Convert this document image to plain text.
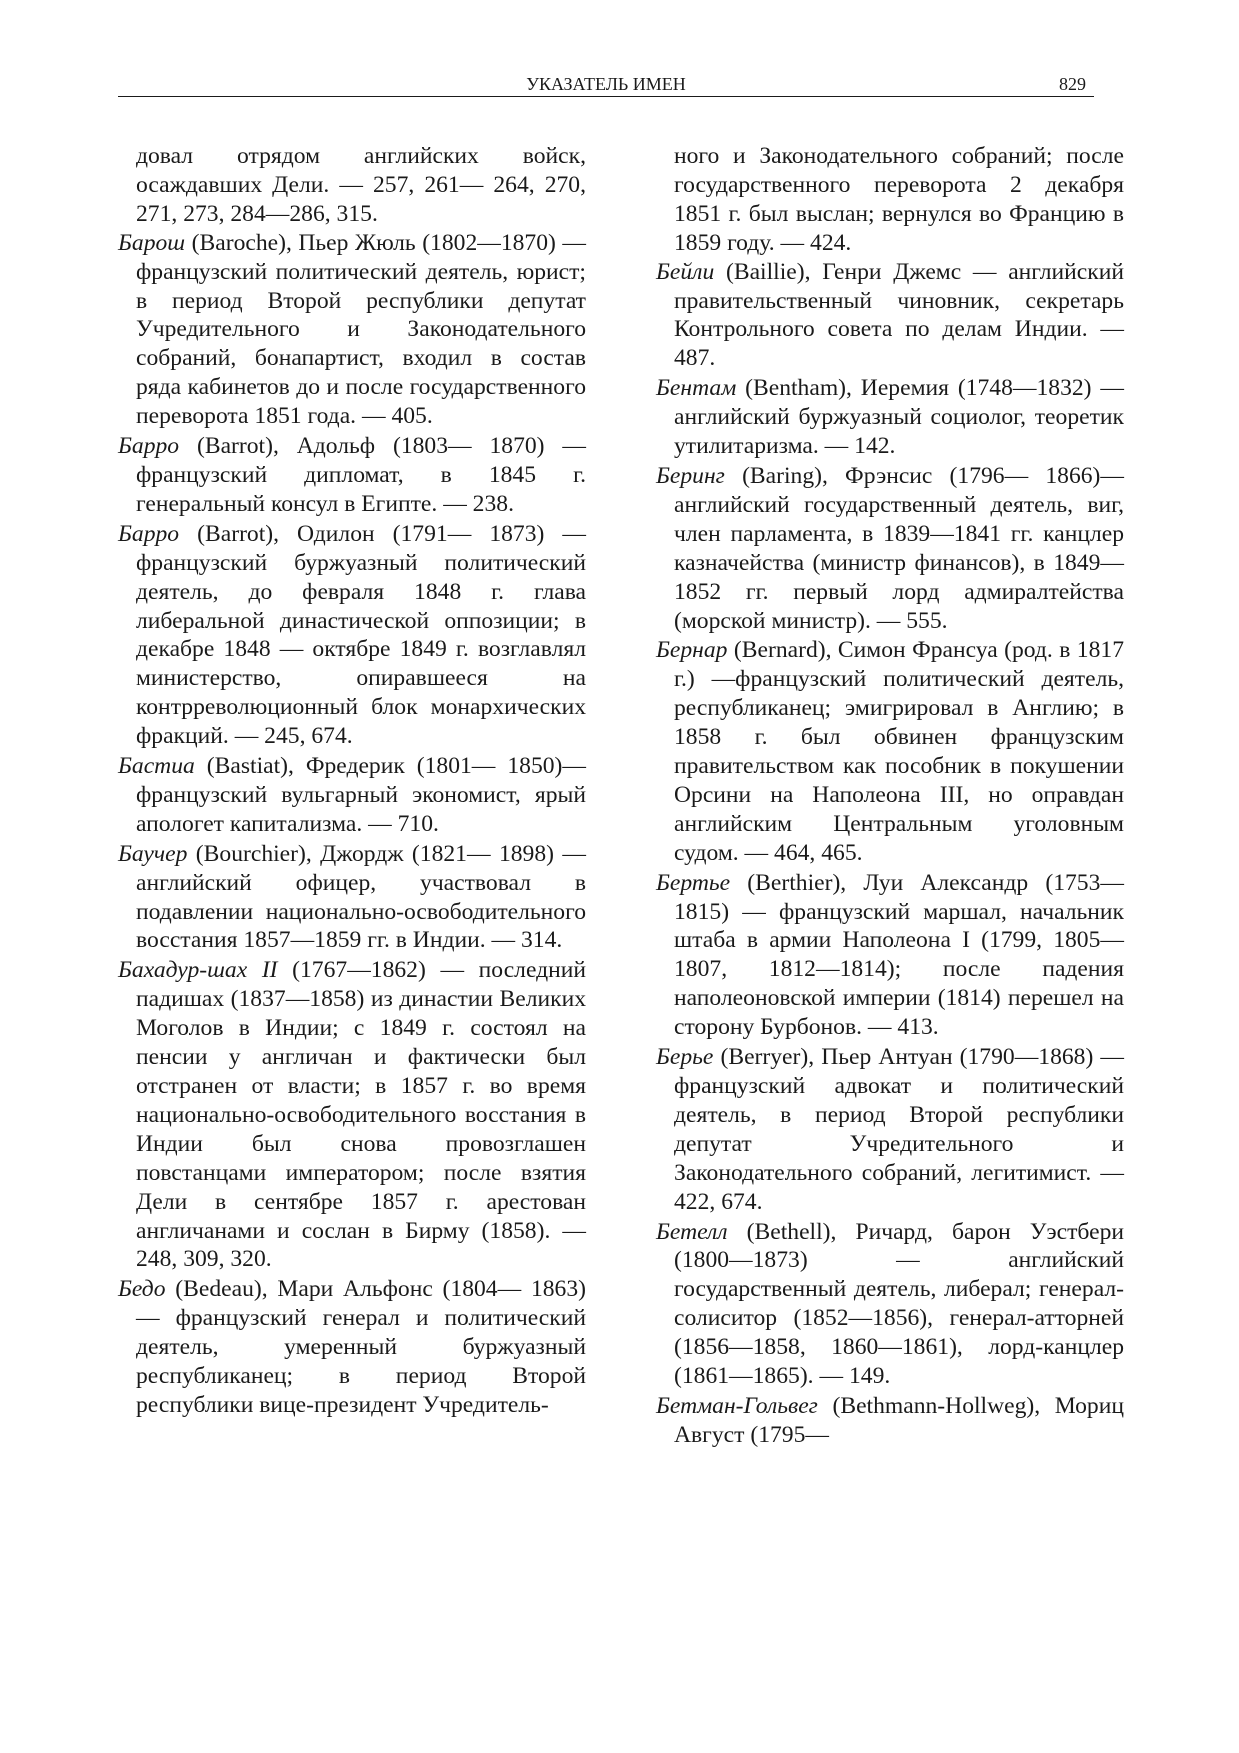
УКАЗАТЕЛЬ ИМЕН	829
довал отрядом английских войск, осаждавших Дели. — 257, 261— 264, 270, 271, 273, 284—286, 315.
Барош (Baroche), Пьер Жюль (1802—1870) — французский политический деятель, юрист; в период Второй республики депутат Учредительного и Законодательного собраний, бонапартист, входил в состав ряда кабинетов до и после государственного переворота 1851 года. — 405.
Барро (Barrot), Адольф (1803— 1870) — французский дипломат, в 1845 г. генеральный консул в Египте. — 238.
Барро (Barrot), Одилон (1791— 1873) — французский буржуазный политический деятель, до февраля 1848 г. глава либеральной династической оппозиции; в декабре 1848 — октябре 1849 г. возглавлял министерство, опиравшееся на контрреволюционный блок монархических фракций. — 245, 674.
Бастиа (Bastiat), Фредерик (1801— 1850)— французский вульгарный экономист, ярый апологет капитализма. — 710.
Баучер (Bourchier), Джордж (1821— 1898) — английский офицер, участвовал в подавлении национально-освободительного восстания 1857—1859 гг. в Индии. — 314.
Бахадур-шах II (1767—1862) — последний падишах (1837—1858) из династии Великих Моголов в Индии; с 1849 г. состоял на пенсии у англичан и фактически был отстранен от власти; в 1857 г. во время национально-освободительного восстания в Индии был снова провозглашен повстанцами императором; после взятия Дели в сентябре 1857 г. арестован англичанами и сослан в Бирму (1858). — 248, 309, 320.
Бедо (Bedeau), Мари Альфонс (1804— 1863) — французский генерал и политический деятель, умеренный буржуазный республиканец; в период Второй республики вице-президент Учредитель-
ного и Законодательного собраний; после государственного переворота 2 декабря 1851 г. был выслан; вернулся во Францию в 1859 году. — 424.
Бейли (Baillie), Генри Джемс — английский правительственный чиновник, секретарь Контрольного совета по делам Индии. — 487.
Бентам (Bentham), Иеремия (1748—1832) — английский буржуазный социолог, теоретик утилитаризма. — 142.
Беринг (Baring), Фрэнсис (1796— 1866)— английский государственный деятель, виг, член парламента, в 1839—1841 гг. канцлер казначейства (министр финансов), в 1849—1852 гг. первый лорд адмиралтейства (морской министр). — 555.
Бернар (Bernard), Симон Франсуа (род. в 1817 г.) —французский политический деятель, республиканец; эмигрировал в Англию; в 1858 г. был обвинен французским правительством как пособник в покушении Орсини на Наполеона III, но оправдан английским Центральным уголовным судом. — 464, 465.
Бертье (Berthier), Луи Александр (1753— 1815) — французский маршал, начальник штаба в армии Наполеона I (1799, 1805— 1807, 1812—1814); после падения наполеоновской империи (1814) перешел на сторону Бурбонов. — 413.
Берье (Berryer), Пьер Антуан (1790—1868) — французский адвокат и политический деятель, в период Второй республики депутат Учредительного и Законодательного собраний, легитимист. — 422, 674.
Бетелл (Bethell), Ричард, барон Уэстбери (1800—1873) — английский государственный деятель, либерал; генерал-солиситор (1852—1856), генерал-атторней (1856—1858, 1860—1861), лорд-канцлер (1861—1865). — 149.
Бетман-Гольвег (Bethmann-Hollweg), Мориц Август (1795—
